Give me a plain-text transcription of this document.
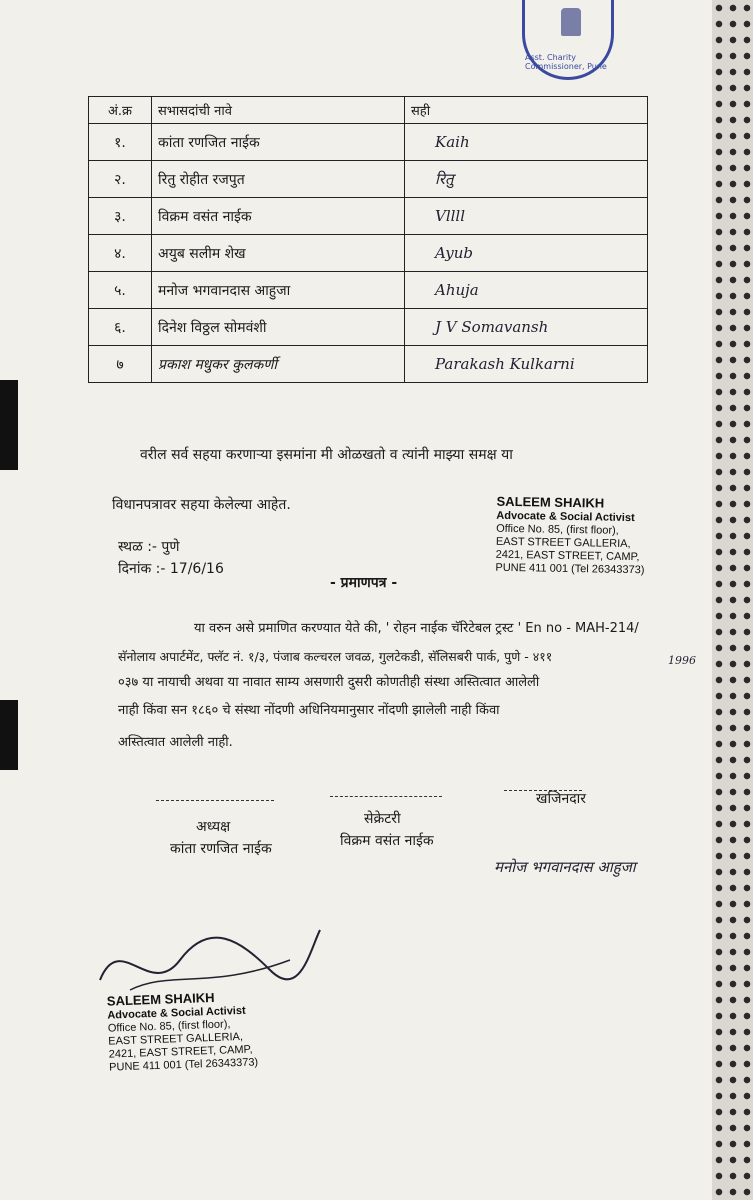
Asst. Charity Commissioner, Pune
अं.क्र	सभासदांची नावे	सही
१.	कांता रणजित नाईक	Kaih
२.	रितु रोहीत रजपुत	रितु
३.	विक्रम वसंत नाईक	Vllll
४.	अयुब सलीम शेख	Ayub
५.	मनोज भगवानदास आहुजा	Ahuja
६.	दिनेश विठ्ठल सोमवंशी	J V Somavansh
७	प्रकाश मधुकर कुलकर्णी	Parakash Kulkarni
वरील सर्व सहया करणाऱ्या इसमांना मी ओळखतो व त्यांनी माझ्या समक्ष या
विधानपत्रावर सहया केलेल्या आहेत.
स्थळ :- पुणे
दिनांक :- 17/6/16
- प्रमाणपत्र -
SALEEM SHAIKH
Advocate & Social Activist
Office No. 85, (first floor),
EAST STREET GALLERIA,
2421, EAST STREET, CAMP,
PUNE 411 001 (Tel 26343373)
या वरुन असे प्रमाणित करण्यात येते की, ' रोहन नाईक चॅरिटेबल ट्रस्ट ' En no - MAH-214/
सॅनोलाय अपार्टमेंट, फ्लॅट नं. १/३, पंजाब कल्चरल जवळ, गुलटेकडी, सॅलिसबरी पार्क, पुणे - ४११	1996
०३७ या नायाची अथवा या नावात साम्य असणारी दुसरी कोणतीही संस्था अस्तित्वात आलेली
नाही किंवा सन १८६० चे संस्था नोंदणी अधिनियमानुसार नोंदणी झालेली नाही किंवा
अस्तित्वात आलेली नाही.
अध्यक्ष
कांता रणजित नाईक
सेक्रेटरी
विक्रम वसंत नाईक
खजिनदार
मनोज भगवानदास आहुजा
SALEEM SHAIKH
Advocate & Social Activist
Office No. 85, (first floor),
EAST STREET GALLERIA,
2421, EAST STREET, CAMP,
PUNE 411 001 (Tel 26343373)
